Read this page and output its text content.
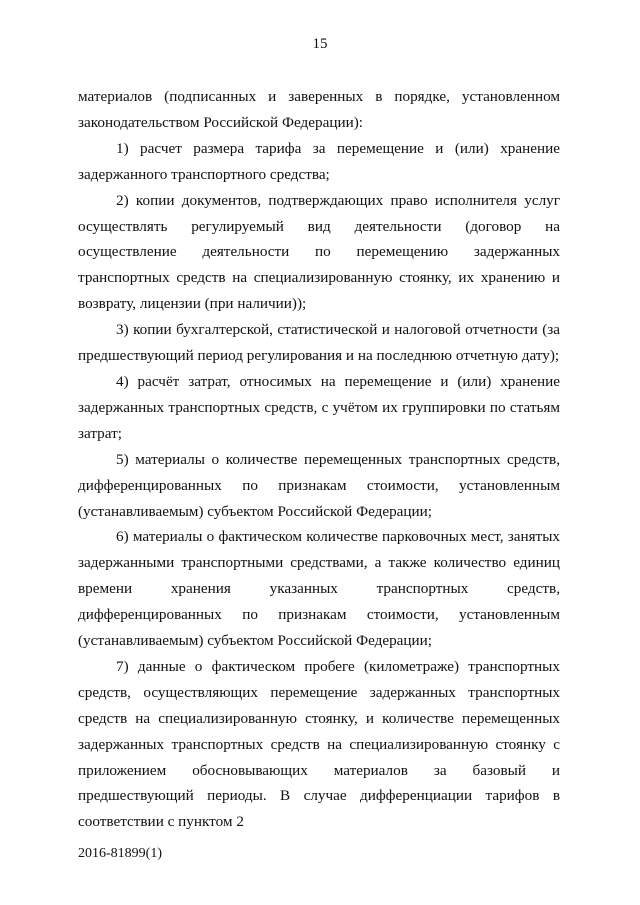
15

материалов (подписанных и заверенных в порядке, установленном законодательством Российской Федерации):

1) расчет размера тарифа за перемещение и (или) хранение задержанного транспортного средства;

2) копии документов, подтверждающих право исполнителя услуг осуществлять регулируемый вид деятельности (договор на осуществление деятельности по перемещению задержанных транспортных средств на специализированную стоянку, их хранению и возврату, лицензии (при наличии));

3) копии бухгалтерской, статистической и налоговой отчетности (за предшествующий период регулирования и на последнюю отчетную дату);

4) расчёт затрат, относимых на перемещение и (или) хранение задержанных транспортных средств, с учётом их группировки по статьям затрат;

5) материалы о количестве перемещенных транспортных средств, дифференцированных по признакам стоимости, установленным (устанавливаемым) субъектом Российской Федерации;

6) материалы о фактическом количестве парковочных мест, занятых задержанными транспортными средствами, а также количество единиц времени хранения указанных транспортных средств, дифференцированных по признакам стоимости, установленным (устанавливаемым) субъектом Российской Федерации;

7) данные о фактическом пробеге (километраже) транспортных средств, осуществляющих перемещение задержанных транспортных средств на специализированную стоянку, и количестве перемещенных задержанных транспортных средств на специализированную стоянку с приложением обосновывающих материалов за базовый и предшествующий периоды. В случае дифференциации тарифов в соответствии с пунктом 2

2016-81899(1)
